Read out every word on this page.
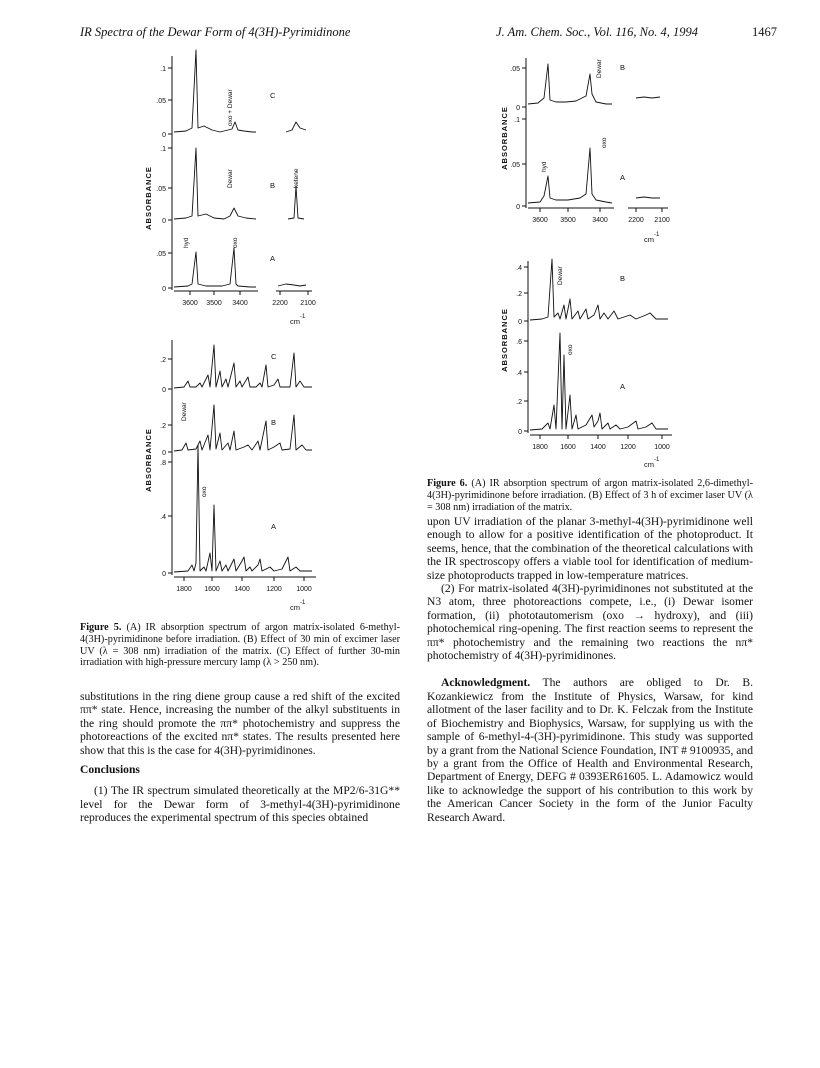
IR Spectra of the Dewar Form of 4(3H)-Pyrimidinone	J. Am. Chem. Soc., Vol. 116, No. 4, 1994	1467
ABSORBANCE
.1
.05
0
.1
.05
0
.05
0
C
B
A
oxo + Dewar
Dewar	ketene
hyd	oxo
3600 3500 3400	2200 2100
$cm^{-1}$
ABSORBANCE
.2
0
.2
0
.8
.4
0
C
B
A
Dewar
oxo
1800 1600 1400 1200 1000
$cm^{-1}$
Figure 5. (A) IR absorption spectrum of argon matrix-isolated 6-methyl-4(3H)-pyrimidinone before irradiation. (B) Effect of 30 min of excimer laser UV (λ = 308 nm) irradiation of the matrix. (C) Effect of further 30-min irradiation with high-pressure mercury lamp (λ > 250 nm).

substitutions in the ring diene group cause a red shift of the excited ππ* state. Hence, increasing the number of the alkyl substituents in the ring should promote the ππ* photochemistry and suppress the photoreactions of the excited nπ* states. The results presented here show that this is the case for 4(3H)-pyrimidinones.

Conclusions

(1) The IR spectrum simulated theoretically at the MP2/6-31G** level for the Dewar form of 3-methyl-4(3H)-pyrimidinone reproduces the experimental spectrum of this species obtained

ABSORBANCE
.05
0
.1
.05
0
B
A
Dewar
hyd
oxo
3600 3500 3400	2200 2100
$cm^{-1}$
ABSORBANCE
.4
.2
0
.6
.4
.2
0
B
A
Dewar
oxo
1800 1600 1400 1200	1000
$cm^{-1}$
Figure 6. (A) IR absorption spectrum of argon matrix-isolated 2,6-dimethyl-4(3H)-pyrimidinone before irradiation. (B) Effect of 3 h of excimer laser UV (λ = 308 nm) irradiation of the matrix.

upon UV irradiation of the planar 3-methyl-4(3H)-pyrimidinone well enough to allow for a positive identification of the photoproduct. It seems, hence, that the combination of the theoretical calculations with the IR spectroscopy offers a viable tool for identification of medium-size photoproducts trapped in low-temperature matrices.

(2) For matrix-isolated 4(3H)-pyrimidinones not substituted at the N3 atom, three photoreactions compete, i.e., (i) Dewar isomer formation, (ii) phototautomerism (oxo → hydroxy), and (iii) photochemical ring-opening. The first reaction seems to represent the ππ* photochemistry and the remaining two reactions the nπ* photochemistry of 4(3H)-pyrimidinones.

Acknowledgment. The authors are obliged to Dr. B. Kozankiewicz from the Institute of Physics, Warsaw, for kind allotment of the laser facility and to Dr. K. Felczak from the Institute of Biochemistry and Biophysics, Warsaw, for supplying us with the sample of 6-methyl-4-(3H)-pyrimidinone. This study was supported by a grant from the National Science Foundation, INT # 9100935, and by a grant from the Office of Health and Environmental Research, Department of Energy, DEFG # 0393ER61605. L. Adamowicz would like to acknowledge the support of his contribution to this work by the American Cancer Society in the form of the Junior Faculty Research Award.
